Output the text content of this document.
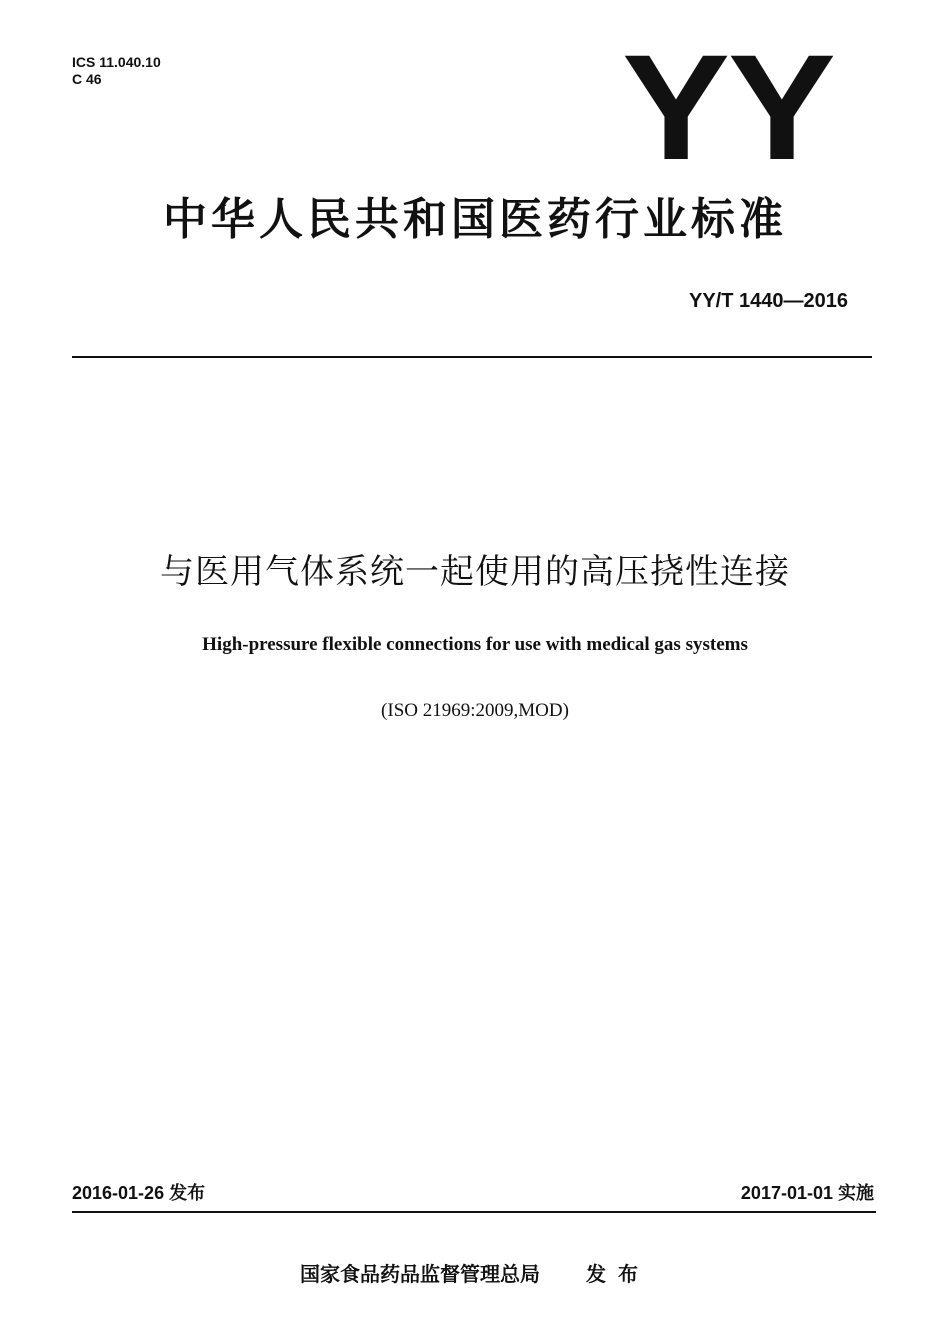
ICS 11.040.10
C 46	YY
中华人民共和国医药行业标准
YY/T 1440—2016
与医用气体系统一起使用的高压挠性连接
High-pressure flexible connections for use with medical gas systems
(ISO 21969:2009,MOD)
2016-01-26 发布	2017-01-01 实施
国家食品药品监督管理总局 发布
